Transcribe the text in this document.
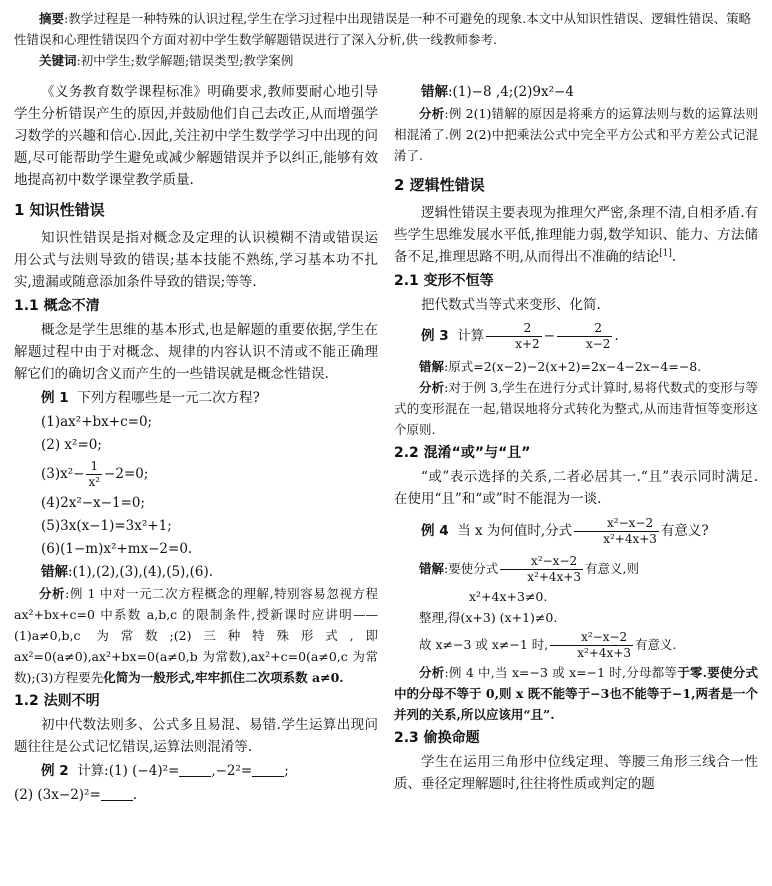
摘要:教学过程是一种特殊的认识过程,学生在学习过程中出现错误是一种不可避免的现象.本文中从知识性错误、逻辑性错误、策略性错误和心理性错误四个方面对初中学生数学解题错误进行了深入分析,供一线教师参考.

关键词:初中学生;数学解题;错误类型;教学案例

《义务教育数学课程标准》明确要求,教师要耐心地引导学生分析错误产生的原因,并鼓励他们自己去改正,从而增强学习数学的兴趣和信心.因此,关注初中学生数学学习中出现的问题,尽可能帮助学生避免或减少解题错误并予以纠正,能够有效地提高初中数学课堂教学质量.

1 知识性错误

知识性错误是指对概念及定理的认识模糊不清或错误运用公式与法则导致的错误;基本技能不熟练,学习基本功不扎实,遗漏或随意添加条件导致的错误;等等.

1.1 概念不清

概念是学生思维的基本形式,也是解题的重要依据,学生在解题过程中由于对概念、规律的内容认识不清或不能正确理解它们的确切含义而产生的一些错误就是概念性错误.

例 1 下列方程哪些是一元二次方程?

(1)ax²+bx+c=0;

(2) x²=0;

$(3)x^2- \frac{1}{\text{x²}} -2=0$;

(4)2x²−x−1=0;

(5)3x(x−1)=3x²+1;

(6)(1−m)x²+mx−2=0.

错解:(1),(2),(3),(4),(5),(6).

分析:例 1 中对一元二次方程概念的理解,特别容易忽视方程 ax²+bx+c=0 中系数 a,b,c 的限制条件,授新课时应讲明——(1)a≠0,b,c 为常数;(2)三种特殊形式,即 ax²=0(a≠0),ax²+bx=0(a≠0,b 为常数),ax²+c=0(a≠0,c 为常数);(3)方程要先化简为一般形式,牢牢抓住二次项系数 a≠0.

1.2 法则不明

初中代数法则多、公式多且易混、易错.学生运算出现问题往往是公式记忆错误,运算法则混淆等.

例 2 计算:(1) (−4)²= ,−2²= ;

(2) (3x−2)²= .

错解:(1)−8 ,4;(2)9x²−4

分析:例 2(1)错解的原因是将乘方的运算法则与数的运算法则相混淆了.例 2(2)中把乘法公式中完全平方公式和平方差公式记混淆了.

2 逻辑性错误

逻辑性错误主要表现为推理欠严密,条理不清,自相矛盾.有些学生思维发展水平低,推理能力弱,数学知识、能力、方法储备不足,推理思路不明,从而得出不准确的结论[1].

2.1 变形不恒等

把代数式当等式来变形、化简.

例 3 计算 $\frac{2}{x+2} - \frac{2}{x-2}$ .

错解:原式=2(x−2)−2(x+2)=2x−4−2x−4=−8.

分析:对于例 3,学生在进行分式计算时,易将代数式的变形与等式的变形混在一起,错误地将分式转化为整式,从而违背恒等变形这个原则.

2.2 混淆“或”与“且”

“或”表示选择的关系,二者必居其一.“且”表示同时满足.在使用“且”和“或”时不能混为一谈.

例 4 当 x 为何值时,分式 $\frac{\text{x²−x−2}}{\text{x²+4x+3}}$ 有意义?

错解:要使分式 $\frac{\text{x²−x−2}}{\text{x²+4x+3}}$ 有意义,则

x²+4x+3≠0.

整理,得(x+3) (x+1)≠0.

故 x≠−3 或 x≠−1 时, $\frac{\text{x²−x−2}}{\text{x²+4x+3}}$ 有意义.

分析:例 4 中,当 x=−3 或 x=−1 时,分母都等于零.要使分式中的分母不等于 0,则 x 既不能等于−3也不能等于−1,两者是一个并列的关系,所以应该用“且”.

2.3 偷换命题

学生在运用三角形中位线定理、等腰三角形三线合一性质、垂径定理解题时,往往将性质或判定的题
